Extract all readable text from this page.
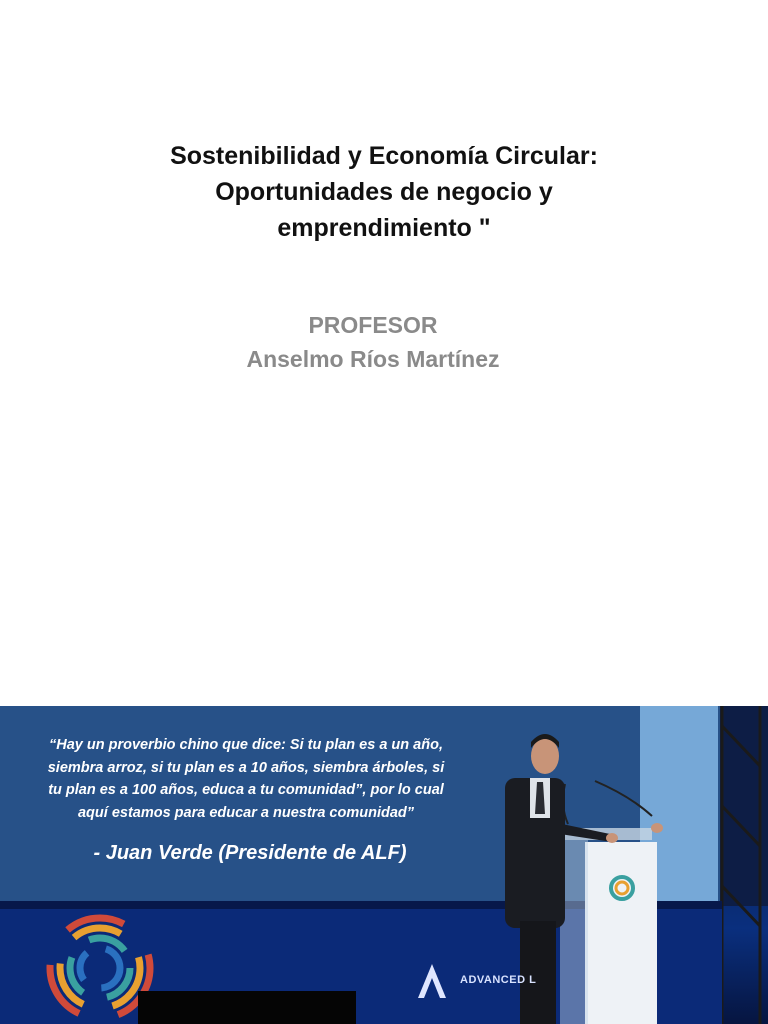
Sostenibilidad y Economía Circular:
Oportunidades de negocio y
emprendimiento "
PROFESOR
Anselmo Ríos Martínez
“Hay un proverbio chino que dice: Si tu plan es a un año,
siembra arroz, si tu plan es a 10 años, siembra árboles, si
tu plan es a 100 años, educa a tu comunidad”, por lo cual
aquí estamos para educar a nuestra comunidad”
- Juan Verde (Presidente de ALF)
ADVANCED L
